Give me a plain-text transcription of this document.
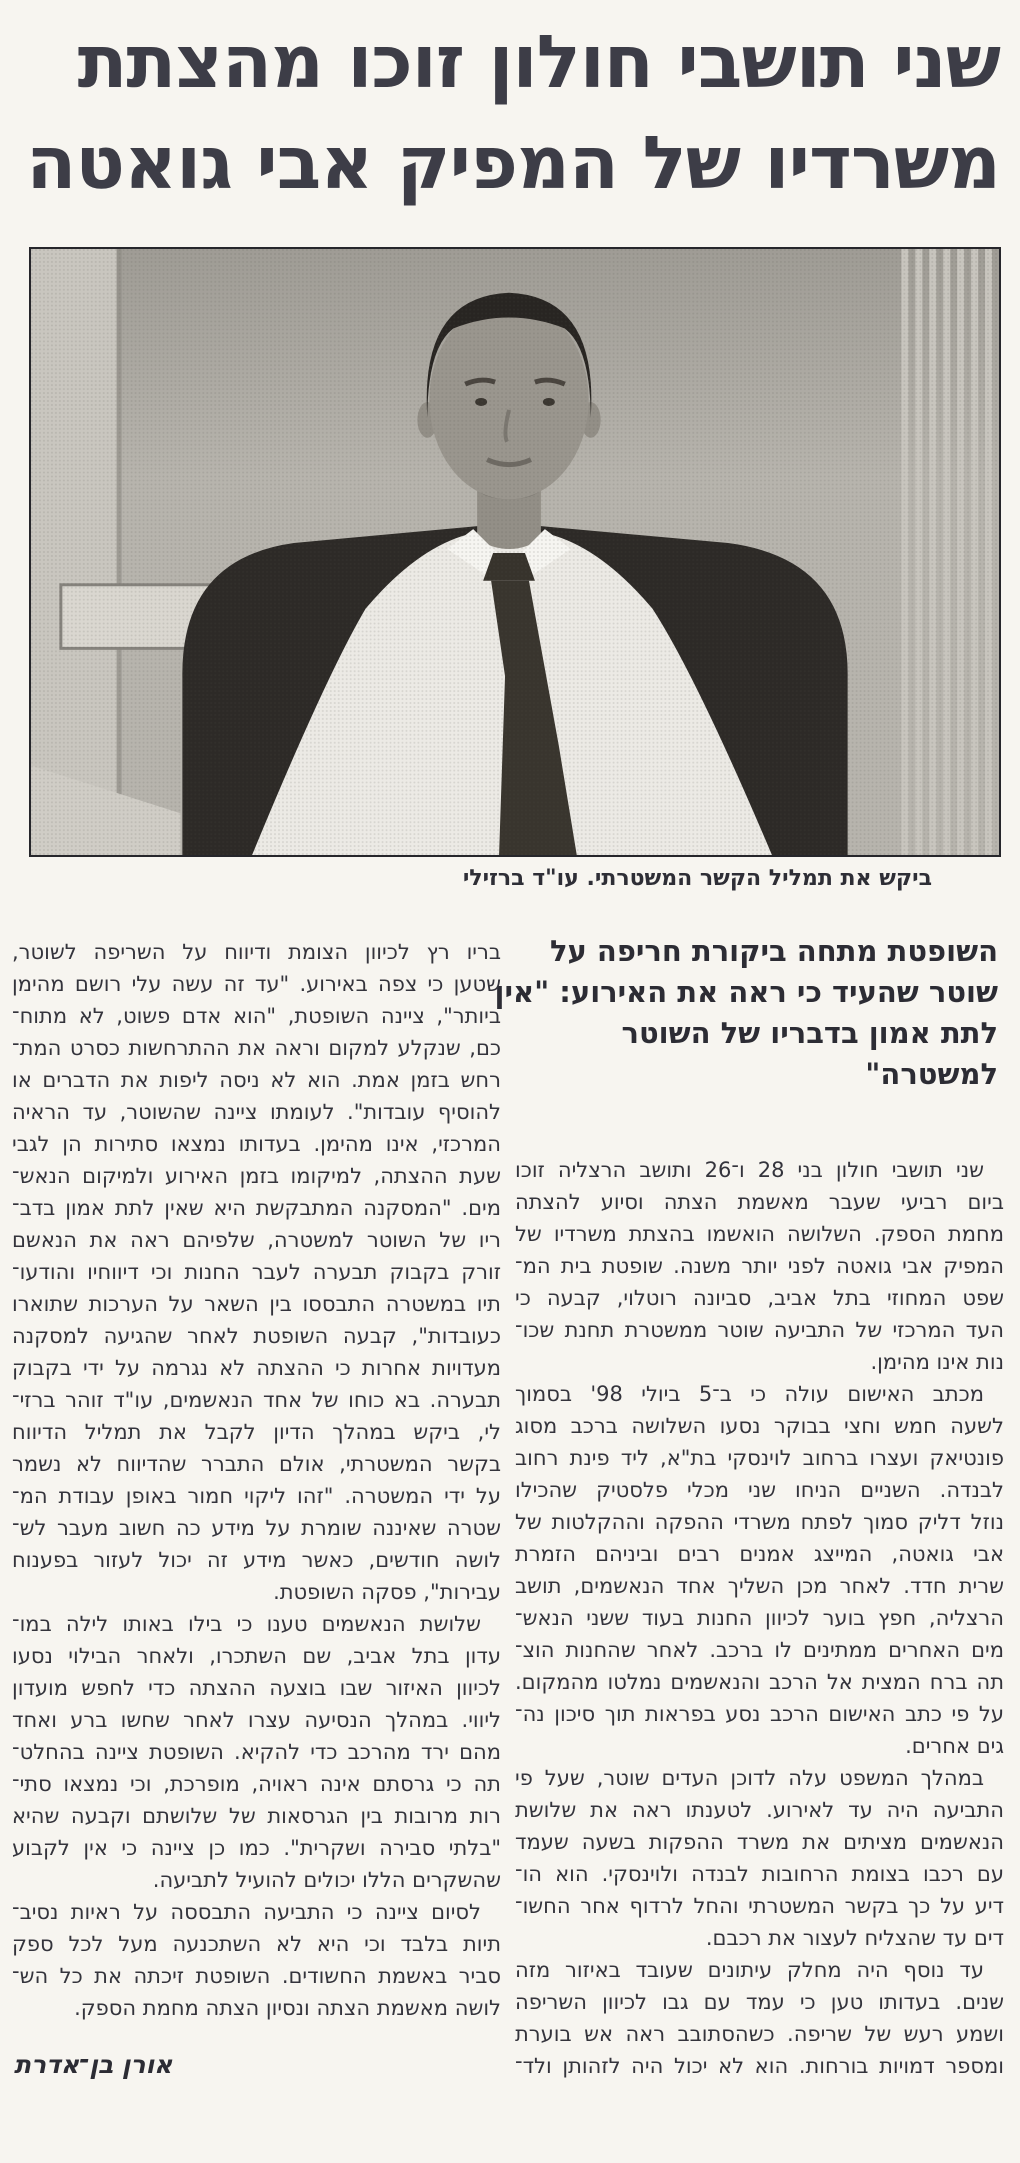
שני תושבי חולון זוכו מהצתת
משרדיו של המפיק אבי גואטה
ביקש את תמליל הקשר המשטרתי. עו"ד ברזילי
השופטת מתחה ביקורת חריפה על
שוטר שהעיד כי ראה את האירוע: "אין
לתת אמון בדבריו של השוטר
למשטרה"
שני תושבי חולון בני 28 ו־26 ותושב הרצליה זוכו
ביום רביעי שעבר מאשמת הצתה וסיוע להצתה
מחמת הספק. השלושה הואשמו בהצתת משרדיו של
המפיק אבי גואטה לפני יותר משנה. שופטת בית המ־
שפט המחוזי בתל אביב, סביונה רוטלוי, קבעה כי
העד המרכזי של התביעה שוטר ממשטרת תחנת שכו־
נות אינו מהימן.
מכתב האישום עולה כי ב־5 ביולי 98' בסמוך
לשעה חמש וחצי בבוקר נסעו השלושה ברכב מסוג
פונטיאק ועצרו ברחוב לוינסקי בת"א, ליד פינת רחוב
לבנדה. השניים הניחו שני מכלי פלסטיק שהכילו
נוזל דליק סמוך לפתח משרדי ההפקה וההקלטות של
אבי גואטה, המייצג אמנים רבים וביניהם הזמרת
שרית חדד. לאחר מכן השליך אחד הנאשמים, תושב
הרצליה, חפץ בוער לכיוון החנות בעוד ששני הנאש־
מים האחרים ממתינים לו ברכב. לאחר שהחנות הוצ־
תה ברח המצית אל הרכב והנאשמים נמלטו מהמקום.
על פי כתב האישום הרכב נסע בפראות תוך סיכון נה־
גים אחרים.
במהלך המשפט עלה לדוכן העדים שוטר, שעל פי
התביעה היה עד לאירוע. לטענתו ראה את שלושת
הנאשמים מציתים את משרד ההפקות בשעה שעמד
עם רכבו בצומת הרחובות לבנדה ולוינסקי. הוא הו־
דיע על כך בקשר המשטרתי והחל לרדוף אחר החשו־
דים עד שהצליח לעצור את רכבם.
עד נוסף היה מחלק עיתונים שעובד באיזור מזה
שנים. בעדותו טען כי עמד עם גבו לכיוון השריפה
ושמע רעש של שריפה. כשהסתובב ראה אש בוערת
ומספר דמויות בורחות. הוא לא יכול היה לזהותן ולד־
בריו רץ לכיוון הצומת ודיווח על השריפה לשוטר,
שטען כי צפה באירוע. "עד זה עשה עלי רושם מהימן
ביותר", ציינה השופטת, "הוא אדם פשוט, לא מתוח־
כם, שנקלע למקום וראה את ההתרחשות כסרט המת־
רחש בזמן אמת. הוא לא ניסה ליפות את הדברים או
להוסיף עובדות". לעומתו ציינה שהשוטר, עד הראיה
המרכזי, אינו מהימן. בעדותו נמצאו סתירות הן לגבי
שעת ההצתה, למיקומו בזמן האירוע ולמיקום הנאש־
מים. "המסקנה המתבקשת היא שאין לתת אמון בדב־
ריו של השוטר למשטרה, שלפיהם ראה את הנאשם
זורק בקבוק תבערה לעבר החנות וכי דיווחיו והודעו־
תיו במשטרה התבססו בין השאר על הערכות שתוארו
כעובדות", קבעה השופטת לאחר שהגיעה למסקנה
מעדויות אחרות כי ההצתה לא נגרמה על ידי בקבוק
תבערה. בא כוחו של אחד הנאשמים, עו"ד זוהר ברזי־
לי, ביקש במהלך הדיון לקבל את תמליל הדיווח
בקשר המשטרתי, אולם התברר שהדיווח לא נשמר
על ידי המשטרה. "זהו ליקוי חמור באופן עבודת המ־
שטרה שאיננה שומרת על מידע כה חשוב מעבר לש־
לושה חודשים, כאשר מידע זה יכול לעזור בפענוח
עבירות", פסקה השופטת.
שלושת הנאשמים טענו כי בילו באותו לילה במו־
עדון בתל אביב, שם השתכרו, ולאחר הבילוי נסעו
לכיוון האיזור שבו בוצעה ההצתה כדי לחפש מועדון
ליווי. במהלך הנסיעה עצרו לאחר שחשו ברע ואחד
מהם ירד מהרכב כדי להקיא. השופטת ציינה בהחלט־
תה כי גרסתם אינה ראויה, מופרכת, וכי נמצאו סתי־
רות מרובות בין הגרסאות של שלושתם וקבעה שהיא
"בלתי סבירה ושקרית". כמו כן ציינה כי אין לקבוע
שהשקרים הללו יכולים להועיל לתביעה.
לסיום ציינה כי התביעה התבססה על ראיות נסיב־
תיות בלבד וכי היא לא השתכנעה מעל לכל ספק
סביר באשמת החשודים. השופטת זיכתה את כל הש־
לושה מאשמת הצתה ונסיון הצתה מחמת הספק.
אורן בן־אדרת
